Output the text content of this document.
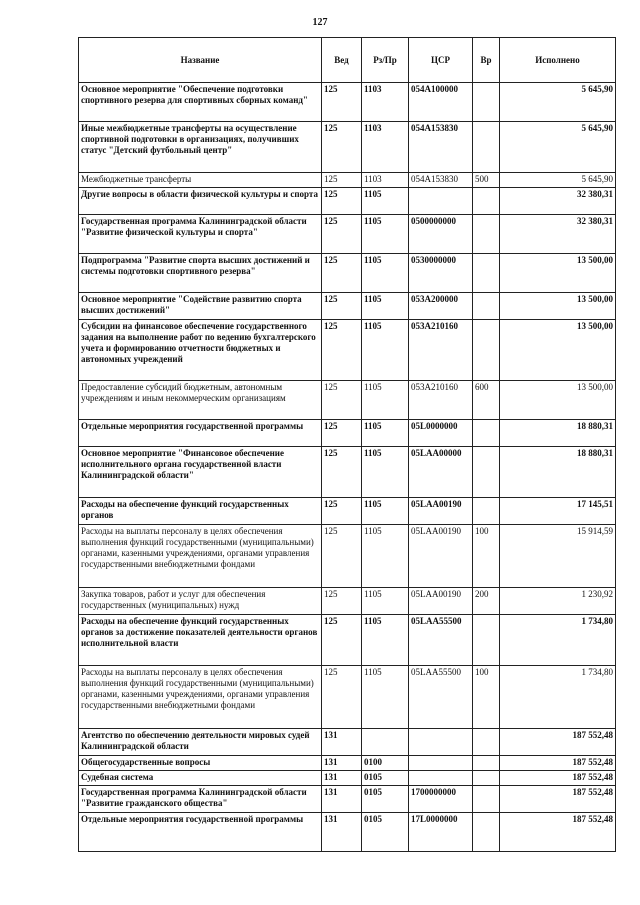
127
Название	Вед	Рз/Пр	ЦСР	Вр	Исполнено
Основное мероприятие "Обеспечение подготовки спортивного резерва для спортивных сборных команд"	125	1103	054А100000		5 645,90
Иные межбюджетные трансферты на осуществление спортивной подготовки в организациях, получивших статус "Детский футбольный центр"	125	1103	054А153830		5 645,90
Межбюджетные трансферты	125	1103	054А153830	500	5 645,90
Другие вопросы в области физической культуры и спорта	125	1105			32 380,31
Государственная программа Калининградской области "Развитие физической культуры и спорта"	125	1105	0500000000		32 380,31
Подпрограмма "Развитие спорта высших достижений и системы подготовки спортивного резерва"	125	1105	0530000000		13 500,00
Основное мероприятие "Содействие развитию спорта высших достижений"	125	1105	053А200000		13 500,00
Субсидии на финансовое обеспечение государственного задания на выполнение работ по ведению бухгалтерского учета и формированию отчетности бюджетных и автономных учреждений	125	1105	053А210160		13 500,00
Предоставление субсидий бюджетным, автономным учреждениям и иным некоммерческим организациям	125	1105	053А210160	600	13 500,00
Отдельные мероприятия государственной программы	125	1105	05L0000000		18 880,31
Основное мероприятие "Финансовое обеспечение исполнительного органа государственной власти Калининградской области"	125	1105	05LАА00000		18 880,31
Расходы на обеспечение функций государственных органов	125	1105	05LАА00190		17 145,51
Расходы на выплаты персоналу в целях обеспечения выполнения функций государственными (муниципальными) органами, казенными учреждениями, органами управления государственными внебюджетными фондами	125	1105	05LАА00190	100	15 914,59
Закупка товаров, работ и услуг для обеспечения государственных (муниципальных) нужд	125	1105	05LАА00190	200	1 230,92
Расходы на обеспечение функций государственных органов за достижение показателей деятельности органов исполнительной власти	125	1105	05LАА55500		1 734,80
Расходы на выплаты персоналу в целях обеспечения выполнения функций государственными (муниципальными) органами, казенными учреждениями, органами управления государственными внебюджетными фондами	125	1105	05LАА55500	100	1 734,80
Агентство по обеспечению деятельности мировых судей Калининградской области	131				187 552,48
Общегосударственные вопросы	131	0100			187 552,48
Судебная система	131	0105			187 552,48
Государственная программа Калининградской области "Развитие гражданского общества"	131	0105	1700000000		187 552,48
Отдельные мероприятия государственной программы	131	0105	17L0000000		187 552,48
